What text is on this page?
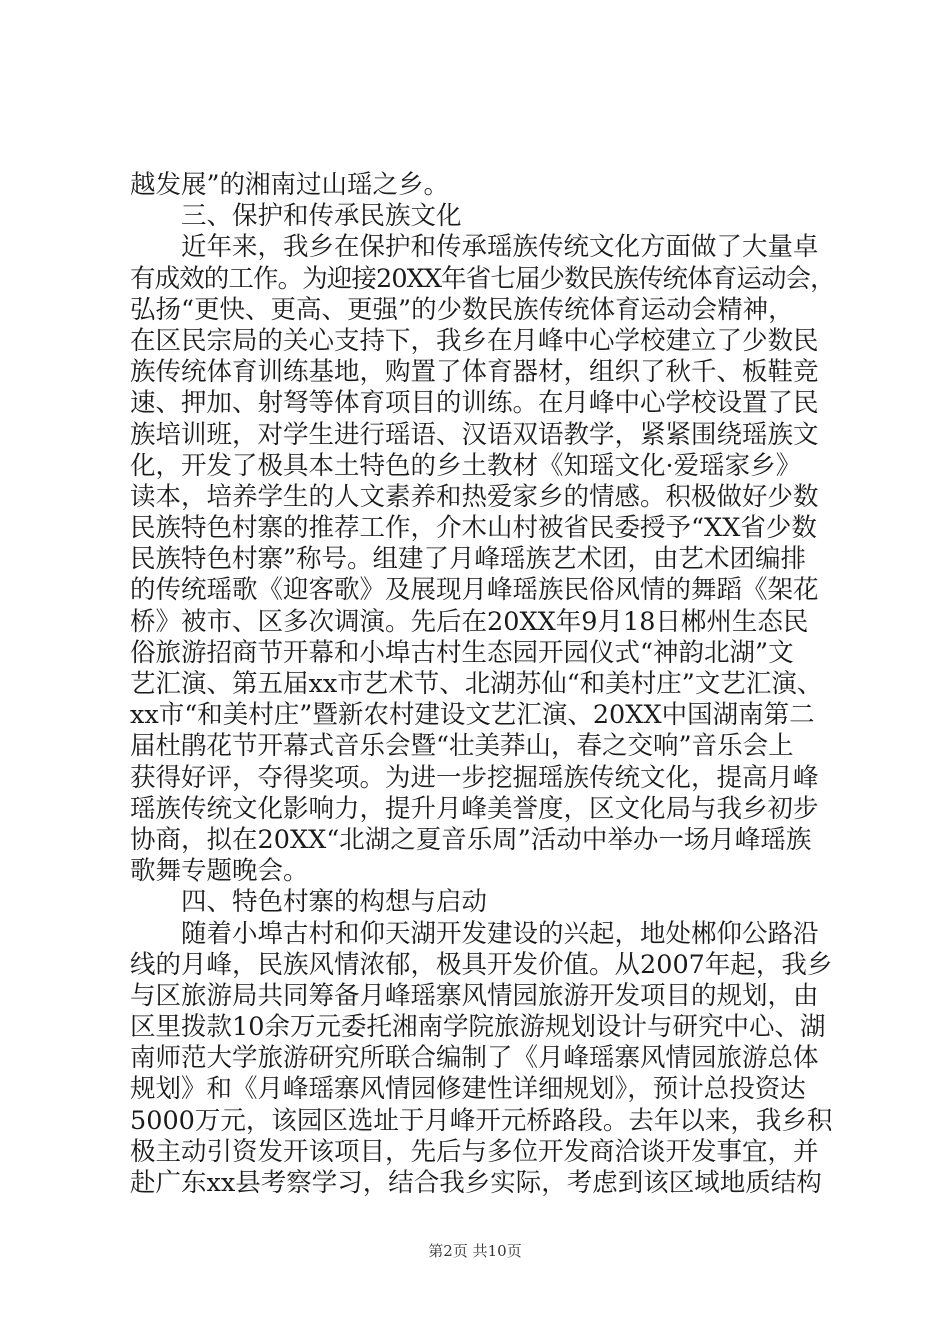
越发展”的湘南过山瑶之乡。
　　三、保护和传承民族文化
　　近年来，我乡在保护和传承瑶族传统文化方面做了大量卓
有成效的工作。为迎接20XX年省七届少数民族传统体育运动会，
弘扬“更快、更高、更强”的少数民族传统体育运动会精神，
在区民宗局的关心支持下，我乡在月峰中心学校建立了少数民
族传统体育训练基地，购置了体育器材，组织了秋千、板鞋竞
速、押加、射弩等体育项目的训练。在月峰中心学校设置了民
族培训班，对学生进行瑶语、汉语双语教学，紧紧围绕瑶族文
化，开发了极具本土特色的乡土教材《知瑶文化·爱瑶家乡》
读本，培养学生的人文素养和热爱家乡的情感。积极做好少数
民族特色村寨的推荐工作，介木山村被省民委授予“XX省少数
民族特色村寨”称号。组建了月峰瑶族艺术团，由艺术团编排
的传统瑶歌《迎客歌》及展现月峰瑶族民俗风情的舞蹈《架花
桥》被市、区多次调演。先后在20XX年9月18日郴州生态民
俗旅游招商节开幕和小埠古村生态园开园仪式“神韵北湖”文
艺汇演、第五届xx市艺术节、北湖苏仙“和美村庄”文艺汇演、
xx市“和美村庄”暨新农村建设文艺汇演、20XX中国湖南第二
届杜鹃花节开幕式音乐会暨“壮美莽山，春之交响”音乐会上
获得好评，夺得奖项。为进一步挖掘瑶族传统文化，提高月峰
瑶族传统文化影响力，提升月峰美誉度，区文化局与我乡初步
协商，拟在20XX“北湖之夏音乐周”活动中举办一场月峰瑶族
歌舞专题晚会。
　　四、特色村寨的构想与启动
　　随着小埠古村和仰天湖开发建设的兴起，地处郴仰公路沿
线的月峰，民族风情浓郁，极具开发价值。从2007年起，我乡
与区旅游局共同筹备月峰瑶寨风情园旅游开发项目的规划，由
区里拨款10余万元委托湘南学院旅游规划设计与研究中心、湖
南师范大学旅游研究所联合编制了《月峰瑶寨风情园旅游总体
规划》和《月峰瑶寨风情园修建性详细规划》，预计总投资达
5000万元，该园区选址于月峰开元桥路段。去年以来，我乡积
极主动引资发开该项目，先后与多位开发商洽谈开发事宜，并
赴广东xx县考察学习，结合我乡实际，考虑到该区域地质结构
第2页 共10页
